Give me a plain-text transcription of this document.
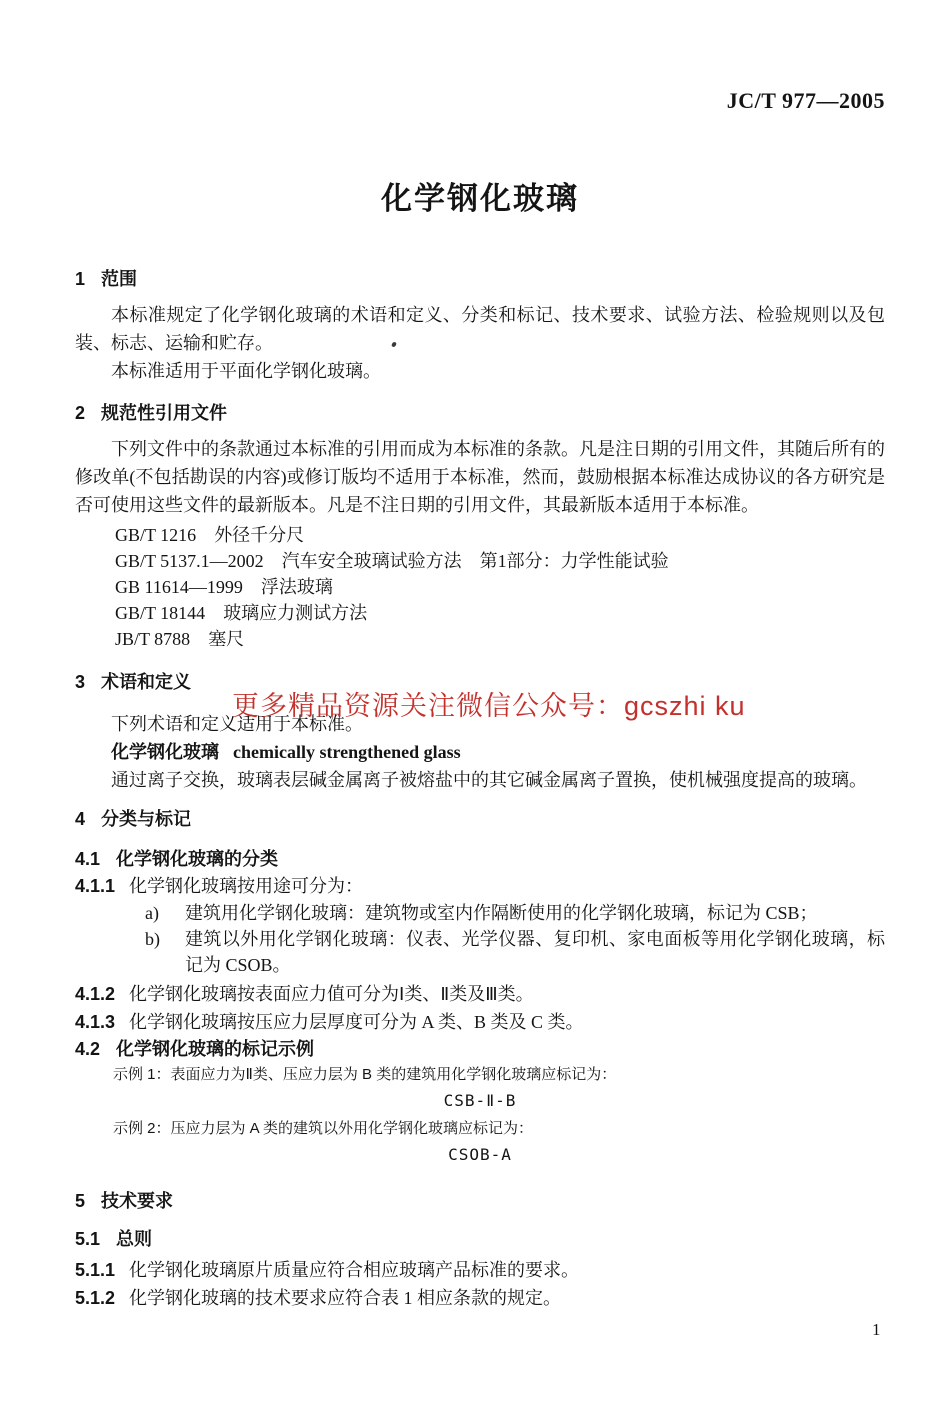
JC/T 977—2005
化学钢化玻璃
1 范围
本标准规定了化学钢化玻璃的术语和定义、分类和标记、技术要求、试验方法、检验规则以及包装、标志、运输和贮存。
本标准适用于平面化学钢化玻璃。
2 规范性引用文件
下列文件中的条款通过本标准的引用而成为本标准的条款。凡是注日期的引用文件，其随后所有的修改单(不包括勘误的内容)或修订版均不适用于本标准，然而，鼓励根据本标准达成协议的各方研究是否可使用这些文件的最新版本。凡是不注日期的引用文件，其最新版本适用于本标准。
GB/T 1216 外径千分尺
GB/T 5137.1—2002 汽车安全玻璃试验方法　第1部分：力学性能试验
GB 11614—1999 浮法玻璃
GB/T 18144 玻璃应力测试方法
JB/T 8788 塞尺
3 术语和定义
下列术语和定义适用于本标准。
化学钢化玻璃 chemically strengthened glass
通过离子交换，玻璃表层碱金属离子被熔盐中的其它碱金属离子置换，使机械强度提高的玻璃。
4 分类与标记
4.1 化学钢化玻璃的分类
4.1.1 化学钢化玻璃按用途可分为：
a)	建筑用化学钢化玻璃：建筑物或室内作隔断使用的化学钢化玻璃，标记为 CSB；
b)	建筑以外用化学钢化玻璃：仪表、光学仪器、复印机、家电面板等用化学钢化玻璃，标记为 CSOB。
4.1.2 化学钢化玻璃按表面应力值可分为Ⅰ类、Ⅱ类及Ⅲ类。
4.1.3 化学钢化玻璃按压应力层厚度可分为 A 类、B 类及 C 类。
4.2 化学钢化玻璃的标记示例
示例 1：表面应力为Ⅱ类、压应力层为 B 类的建筑用化学钢化玻璃应标记为：
CSB-Ⅱ-B
示例 2：压应力层为 A 类的建筑以外用化学钢化玻璃应标记为：
CSOB-A
5 技术要求
5.1 总则
5.1.1 化学钢化玻璃原片质量应符合相应玻璃产品标准的要求。
5.1.2 化学钢化玻璃的技术要求应符合表 1 相应条款的规定。
更多精品资源关注微信公众号：gcszhi ku
1
